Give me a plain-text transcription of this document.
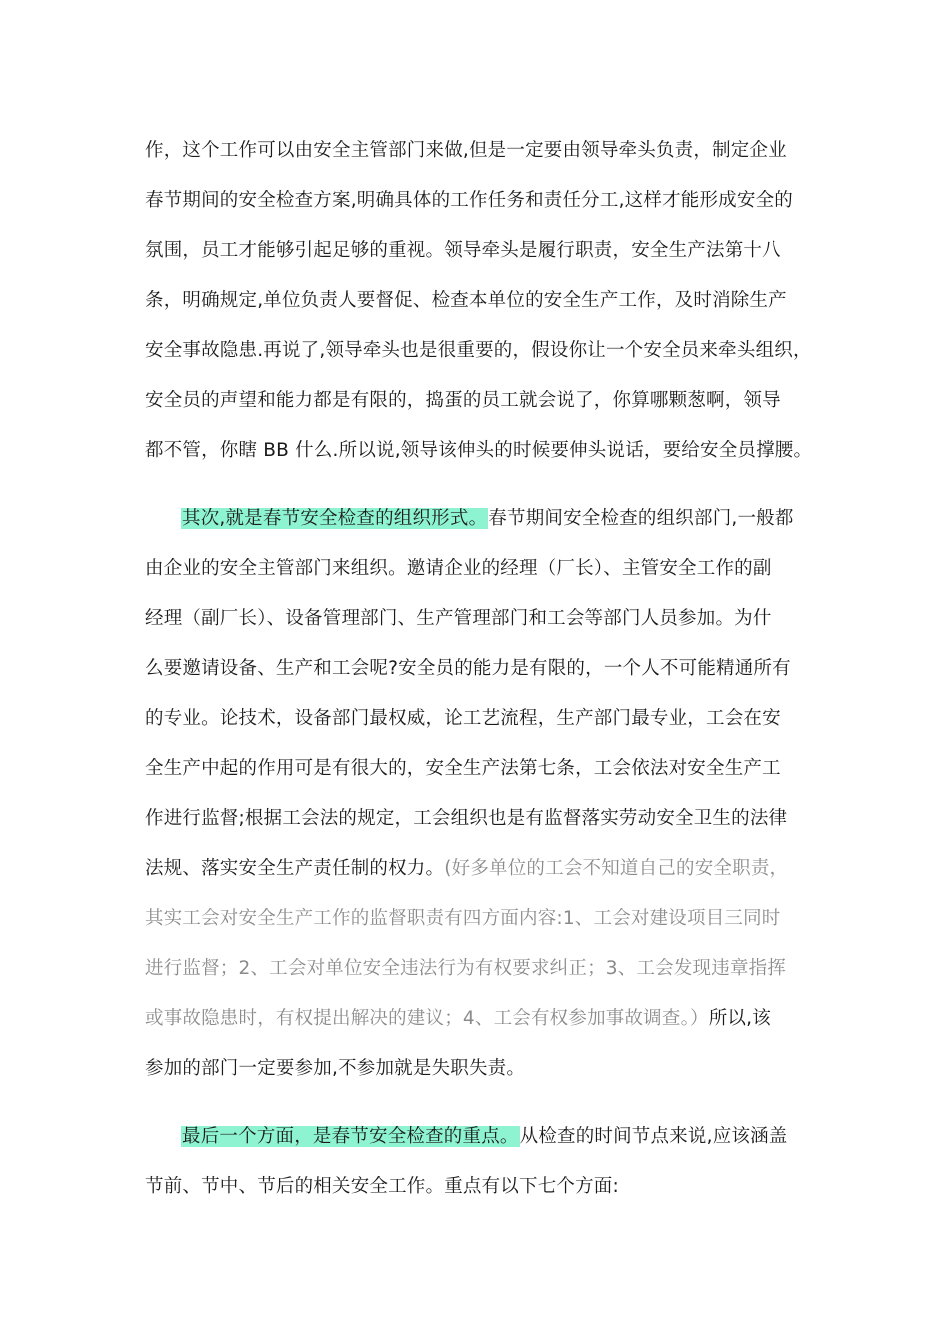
作，这个工作可以由安全主管部门来做,但是一定要由领导牵头负责，制定企业
春节期间的安全检查方案,明确具体的工作任务和责任分工,这样才能形成安全的
氛围，员工才能够引起足够的重视。领导牵头是履行职责，安全生产法第十八
条，明确规定,单位负责人要督促、检查本单位的安全生产工作，及时消除生产
安全事故隐患.再说了,领导牵头也是很重要的，假设你让一个安全员来牵头组织，
安全员的声望和能力都是有限的，捣蛋的员工就会说了，你算哪颗葱啊，领导
都不管，你瞎 BB 什么.所以说,领导该伸头的时候要伸头说话，要给安全员撑腰。
其次,就是春节安全检查的组织形式。春节期间安全检查的组织部门,一般都
由企业的安全主管部门来组织。邀请企业的经理（厂长）、主管安全工作的副
经理（副厂长）、设备管理部门、生产管理部门和工会等部门人员参加。为什
么要邀请设备、生产和工会呢?安全员的能力是有限的，一个人不可能精通所有
的专业。论技术，设备部门最权威，论工艺流程，生产部门最专业，工会在安
全生产中起的作用可是有很大的，安全生产法第七条，工会依法对安全生产工
作进行监督;根据工会法的规定，工会组织也是有监督落实劳动安全卫生的法律
法规、落实安全生产责任制的权力。(好多单位的工会不知道自己的安全职责，
其实工会对安全生产工作的监督职责有四方面内容:1、工会对建设项目三同时
进行监督；2、工会对单位安全违法行为有权要求纠正；3、工会发现违章指挥
或事故隐患时，有权提出解决的建议；4、工会有权参加事故调查。）所以,该
参加的部门一定要参加,不参加就是失职失责。
最后一个方面，是春节安全检查的重点。从检查的时间节点来说,应该涵盖
节前、节中、节后的相关安全工作。重点有以下七个方面:
